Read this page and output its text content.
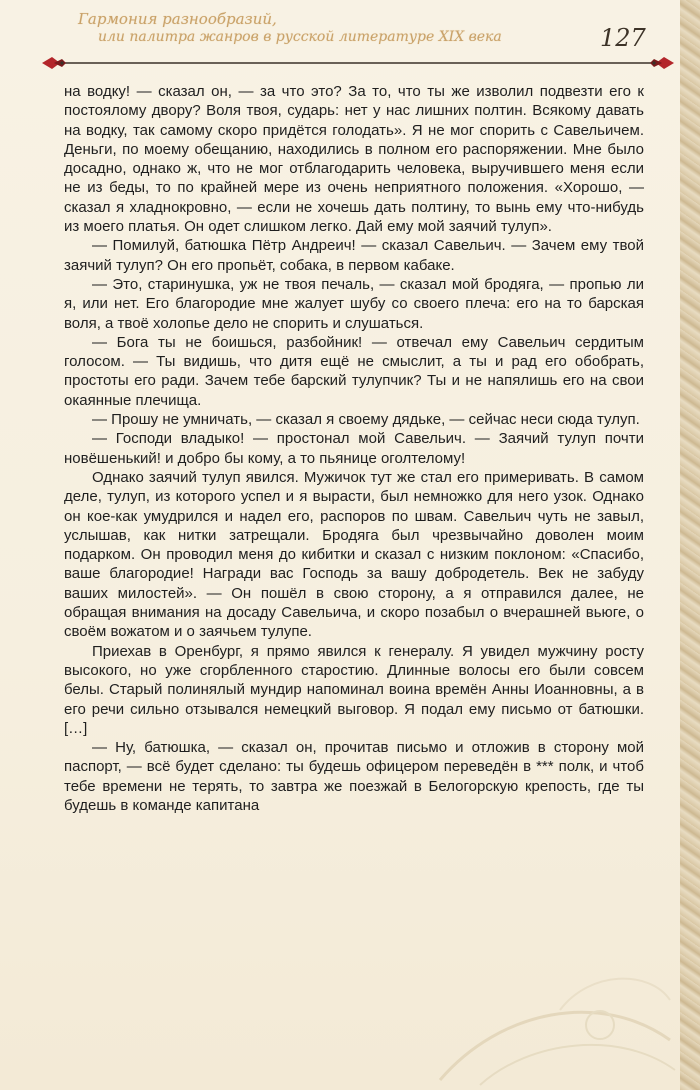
Гармония разнообразий,
или палитра жанров в русской литературе XIX века	127

на водку! — сказал он, — за что это? За то, что ты же изволил подвезти его к постоялому двору? Воля твоя, сударь: нет у нас лишних полтин. Всякому давать на водку, так самому скоро придётся голодать». Я не мог спорить с Савельичем. Деньги, по моему обещанию, находились в полном его распоряжении. Мне было досадно, однако ж, что не мог отблагодарить человека, выручившего меня если не из беды, то по крайней мере из очень неприятного положения. «Хорошо, — сказал я хладнокровно, — если не хочешь дать полтину, то вынь ему что-нибудь из моего платья. Он одет слишком легко. Дай ему мой заячий тулуп».

— Помилуй, батюшка Пётр Андреич! — сказал Савельич. — Зачем ему твой заячий тулуп? Он его пропьёт, собака, в первом кабаке.

— Это, старинушка, уж не твоя печаль, — сказал мой бродяга, — пропью ли я, или нет. Его благородие мне жалует шубу со своего плеча: его на то барская воля, а твоё холопье дело не спорить и слушаться.

— Бога ты не боишься, разбойник! — отвечал ему Савельич сердитым голосом. — Ты видишь, что дитя ещё не смыслит, а ты и рад его обобрать, простоты его ради. Зачем тебе барский тулупчик? Ты и не напялишь его на свои окаянные плечища.

— Прошу не умничать, — сказал я своему дядьке, — сейчас неси сюда тулуп.

— Господи владыко! — простонал мой Савельич. — Заячий тулуп почти новёшенький! и добро бы кому, а то пьянице оголтелому!

Однако заячий тулуп явился. Мужичок тут же стал его примеривать. В самом деле, тулуп, из которого успел и я вырасти, был немножко для него узок. Однако он кое-как умудрился и надел его, распоров по швам. Савельич чуть не завыл, услышав, как нитки затрещали. Бродяга был чрезвычайно доволен моим подарком. Он проводил меня до кибитки и сказал с низким поклоном: «Спасибо, ваше благородие! Награди вас Господь за вашу добродетель. Век не забуду ваших милостей». — Он пошёл в свою сторону, а я отправился далее, не обращая внимания на досаду Савельича, и скоро позабыл о вчерашней вьюге, о своём вожатом и о заячьем тулупе.

Приехав в Оренбург, я прямо явился к генералу. Я увидел мужчину росту высокого, но уже сгорбленного старостию. Длинные волосы его были совсем белы. Старый полинялый мундир напоминал воина времён Анны Иоанновны, а в его речи сильно отзывался немецкий выговор. Я подал ему письмо от батюшки. […]

— Ну, батюшка, — сказал он, прочитав письмо и отложив в сторону мой паспорт, — всё будет сделано: ты будешь офицером переведён в *** полк, и чтоб тебе времени не терять, то завтра же поезжай в Белогорскую крепость, где ты будешь в команде капитана
